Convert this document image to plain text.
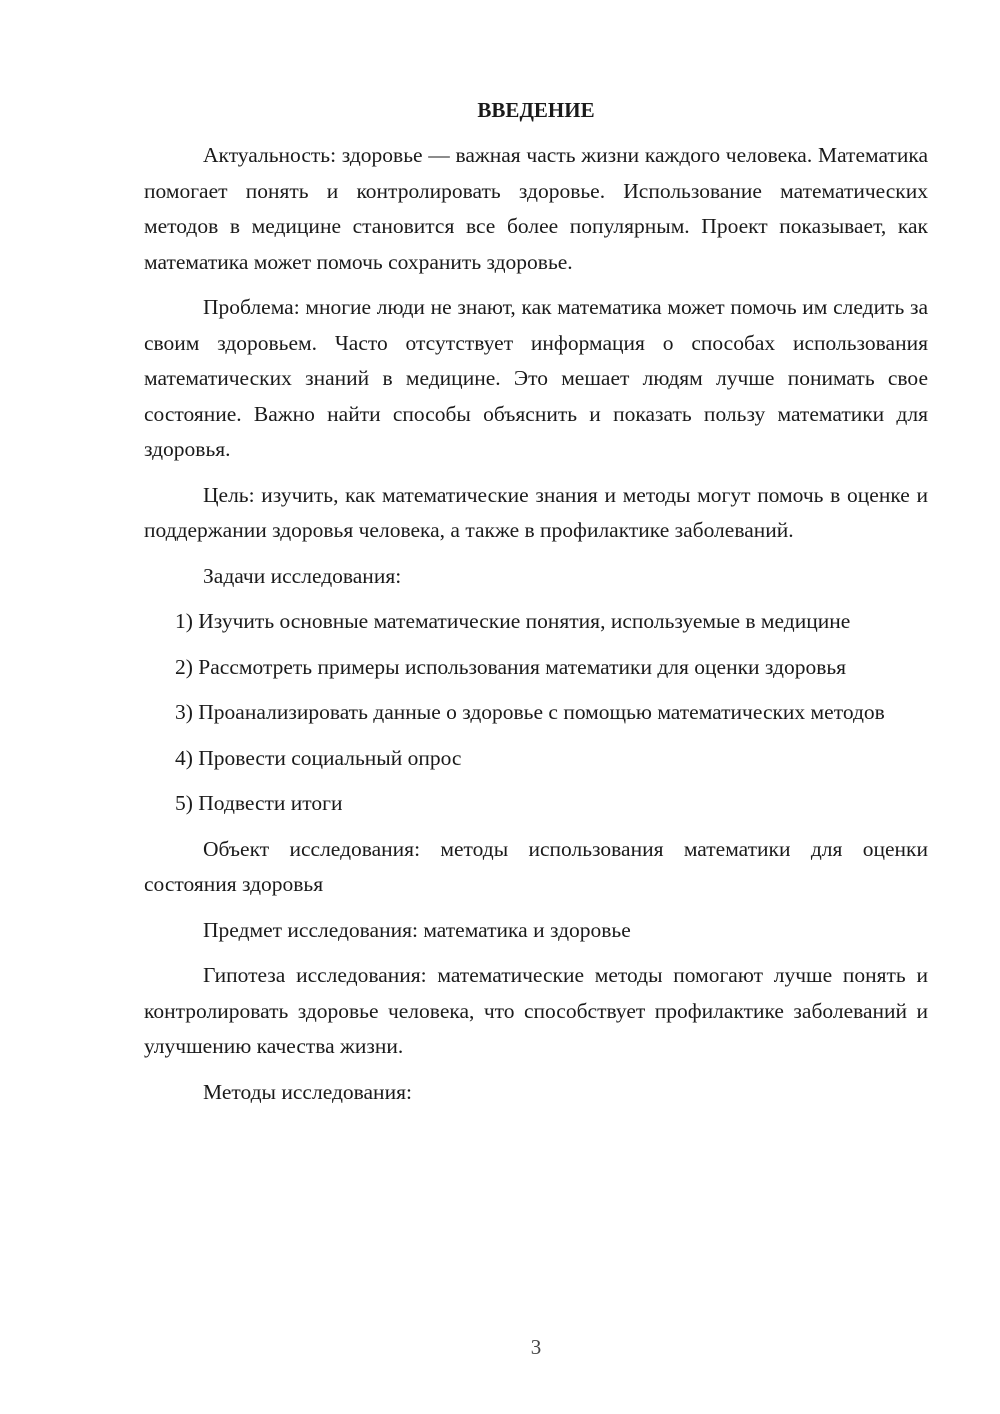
ВВЕДЕНИЕ

Актуальность: здоровье — важная часть жизни каждого человека. Математика помогает понять и контролировать здоровье. Использование математических методов в медицине становится все более популярным. Проект показывает, как математика может помочь сохранить здоровье.

Проблема: многие люди не знают, как математика может помочь им следить за своим здоровьем. Часто отсутствует информация о способах использования математических знаний в медицине. Это мешает людям лучше понимать свое состояние. Важно найти способы объяснить и показать пользу математики для здоровья.

Цель: изучить, как математические знания и методы могут помочь в оценке и поддержании здоровья человека, а также в профилактике заболеваний.

Задачи исследования:

1) Изучить основные математические понятия, используемые в медицине

2) Рассмотреть примеры использования математики для оценки здоровья

3) Проанализировать данные о здоровье с помощью математических методов

4) Провести социальный опрос

5) Подвести итоги

Объект исследования: методы использования математики для оценки состояния здоровья

Предмет исследования: математика и здоровье

Гипотеза исследования: математические методы помогают лучше понять и контролировать здоровье человека, что способствует профилактике заболеваний и улучшению качества жизни.

Методы исследования:

3
